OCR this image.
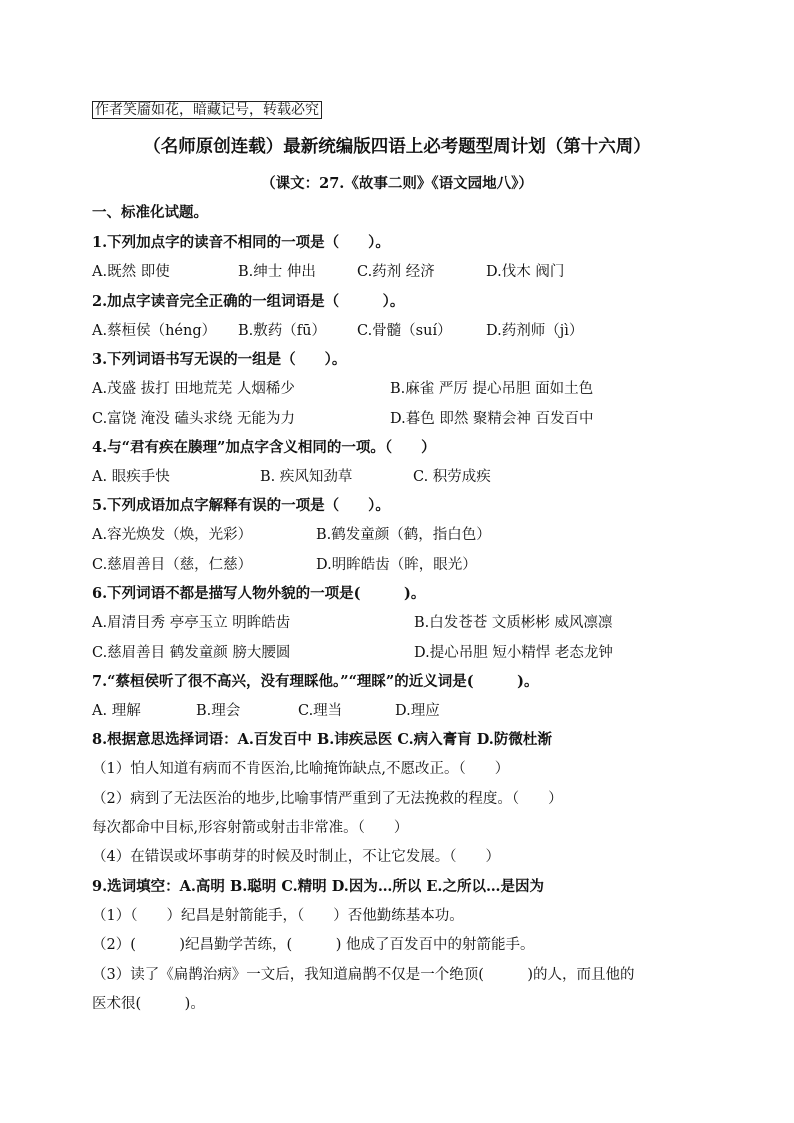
作者笑靥如花，暗藏记号，转载必究
（名师原创连载）最新统编版四语上必考题型周计划（第十六周）
（课文：27.《故事二则》《语文园地八》）
一、标准化试题。
1.下列加点字的读音不相同的一项是（　　）。
A.既然 即使	B.绅士 伸出	C.药剂 经济	D.伐木 阀门
2.加点字读音完全正确的一组词语是（　　　）。
A.蔡桓侯（héng） B.敷药（fū） C.骨髓（suí） D.药剂师（jì）
3.下列词语书写无误的一组是（　　）。
A.茂盛 拔打 田地荒芜 人烟稀少	B.麻雀 严厉 提心吊胆 面如土色
C.富饶 淹没 磕头求绕 无能为力	D.暮色 即然 聚精会神 百发百中
4.与“君有疾在腠理”加点字含义相同的一项。（　　）
A. 眼疾手快	B. 疾风知劲草	C. 积劳成疾
5.下列成语加点字解释有误的一项是（　　）。
A.容光焕发（焕，光彩）	B.鹤发童颜（鹤，指白色）
C.慈眉善目（慈，仁慈）	D.明眸皓齿（眸，眼光）
6.下列词语不都是描写人物外貌的一项是(　　　)。
A.眉清目秀 亭亭玉立 明眸皓齿	B.白发苍苍 文质彬彬 威风凛凛
C.慈眉善目 鹤发童颜 膀大腰圆	D.提心吊胆 短小精悍 老态龙钟
7.“蔡桓侯听了很不高兴，没有理睬他。”“理睬”的近义词是(　　　)。
A. 理解	B.理会	C.理当	D.理应
8.根据意思选择词语：A.百发百中 B.讳疾忌医 C.病入膏肓 D.防微杜渐
（1）怕人知道有病而不肯医治,比喻掩饰缺点,不愿改正。（　　）
（2）病到了无法医治的地步,比喻事情严重到了无法挽救的程度。（　　）
每次都命中目标,形容射箭或射击非常准。（　　）
（4）在错误或坏事萌芽的时候及时制止，不让它发展。（　　）
9.选词填空：A.高明 B.聪明 C.精明 D.因为…所以 E.之所以…是因为
（1）（　　）纪昌是射箭能手，（　　）否他勤练基本功。
（2）(　　　)纪昌勤学苦练，(　　　) 他成了百发百中的射箭能手。
（3）读了《扁鹊治病》一文后，我知道扁鹊不仅是一个绝顶(　　　)的人，而且他的
医术很(　　　)。
